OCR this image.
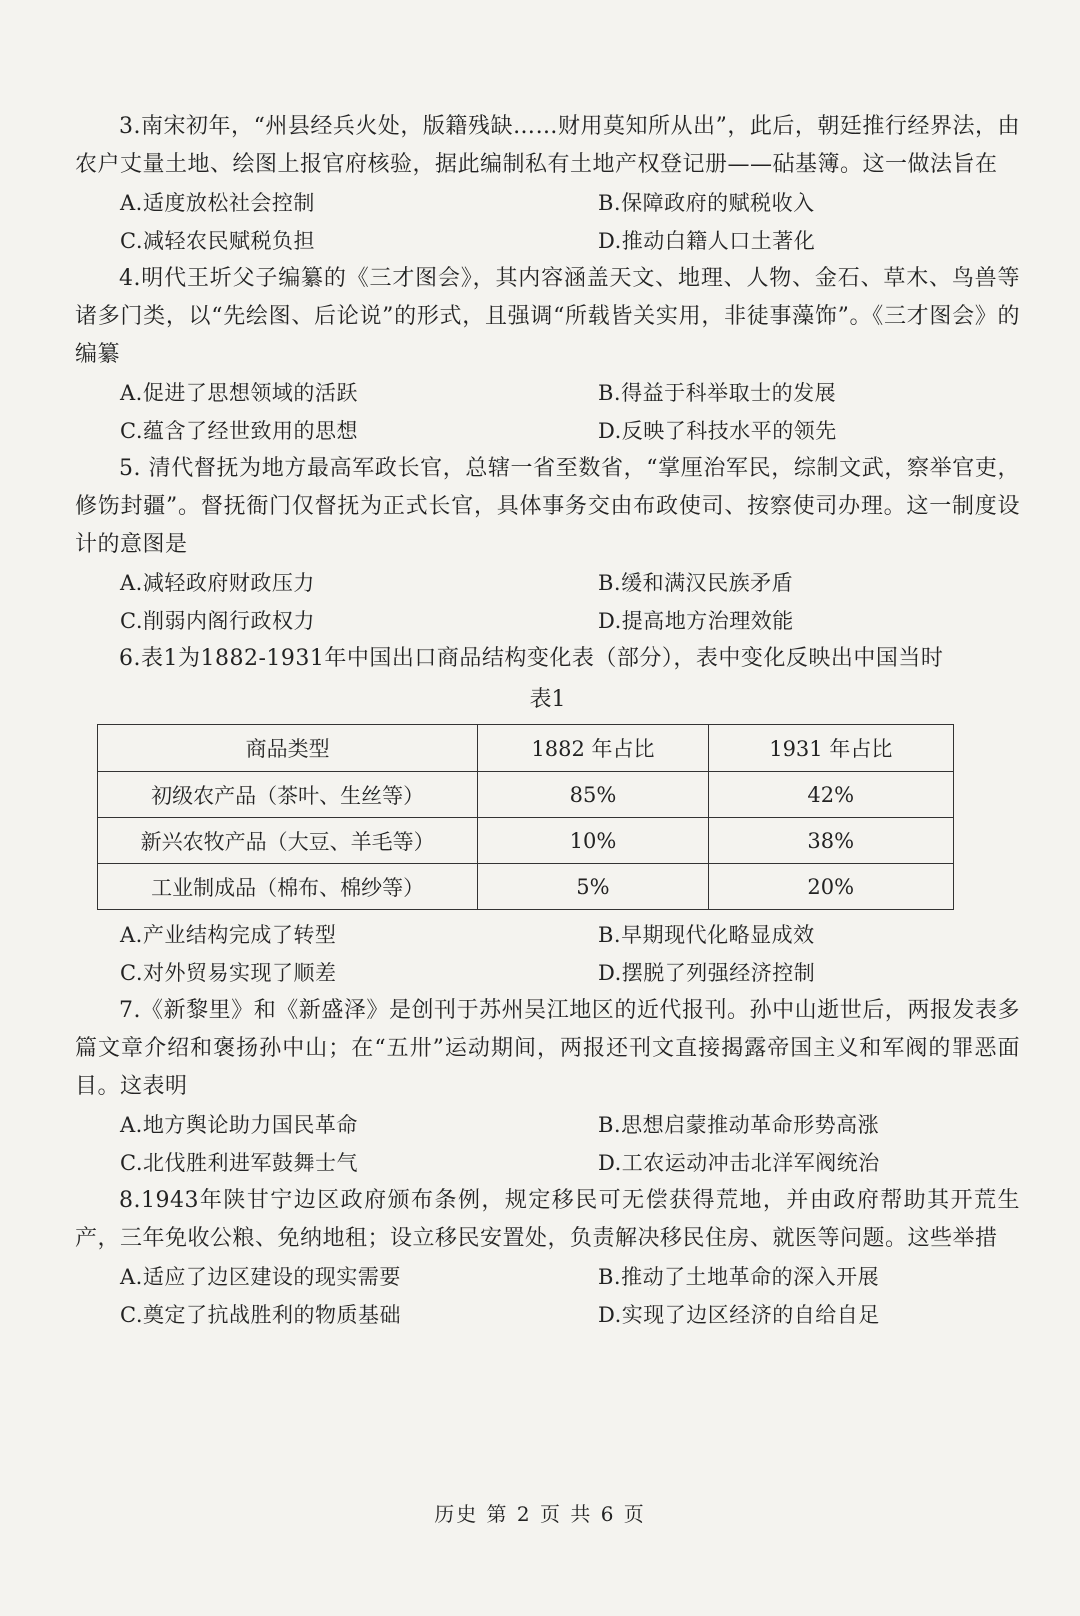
3.南宋初年，“州县经兵火处，版籍残缺……财用莫知所从出”，此后，朝廷推行经界法，由农户丈量土地、绘图上报官府核验，据此编制私有土地产权登记册——砧基簿。这一做法旨在

A.适度放松社会控制	B.保障政府的赋税收入
C.减轻农民赋税负担	D.推动白籍人口土著化

4.明代王圻父子编纂的《三才图会》，其内容涵盖天文、地理、人物、金石、草木、鸟兽等诸多门类，以“先绘图、后论说”的形式，且强调“所载皆关实用，非徒事藻饰”。《三才图会》的编纂

A.促进了思想领域的活跃	B.得益于科举取士的发展
C.蕴含了经世致用的思想	D.反映了科技水平的领先

5. 清代督抚为地方最高军政长官，总辖一省至数省，“掌厘治军民，综制文武，察举官吏，修饬封疆”。督抚衙门仅督抚为正式长官，具体事务交由布政使司、按察使司办理。这一制度设计的意图是

A.减轻政府财政压力	B.缓和满汉民族矛盾
C.削弱内阁行政权力	D.提高地方治理效能

6.表1为1882-1931年中国出口商品结构变化表（部分），表中变化反映出中国当时

表1
商品类型	1882 年占比	1931 年占比
初级农产品（茶叶、生丝等）	85%	42%
新兴农牧产品（大豆、羊毛等）	10%	38%
工业制成品（棉布、棉纱等）	5%	20%
A.产业结构完成了转型	B.早期现代化略显成效
C.对外贸易实现了顺差	D.摆脱了列强经济控制

7.《新黎里》和《新盛泽》是创刊于苏州吴江地区的近代报刊。孙中山逝世后，两报发表多篇文章介绍和褒扬孙中山；在“五卅”运动期间，两报还刊文直接揭露帝国主义和军阀的罪恶面目。这表明

A.地方舆论助力国民革命	B.思想启蒙推动革命形势高涨
C.北伐胜利进军鼓舞士气	D.工农运动冲击北洋军阀统治

8.1943年陕甘宁边区政府颁布条例，规定移民可无偿获得荒地，并由政府帮助其开荒生产，三年免收公粮、免纳地租；设立移民安置处，负责解决移民住房、就医等问题。这些举措

A.适应了边区建设的现实需要	B.推动了土地革命的深入开展
C.奠定了抗战胜利的物质基础	D.实现了边区经济的自给自足
历史 第 2 页 共 6 页
